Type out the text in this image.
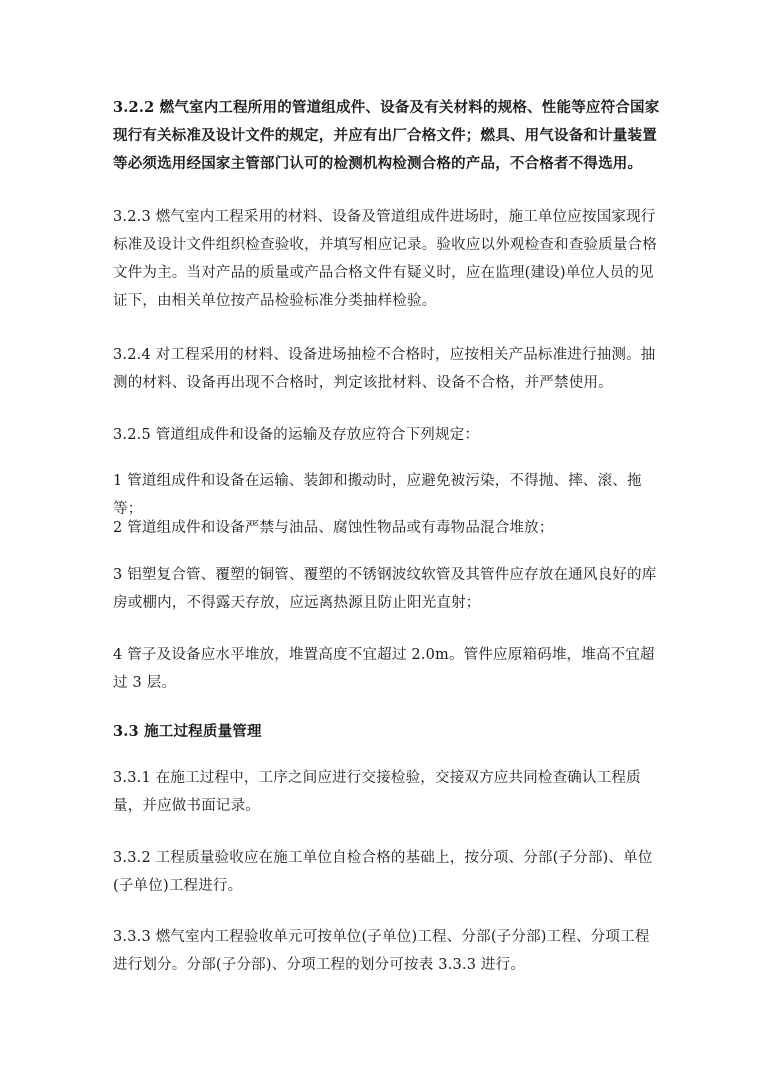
3.2.2 燃气室内工程所用的管道组成件、设备及有关材料的规格、性能等应符合国家现行有关标准及设计文件的规定，并应有出厂合格文件；燃具、用气设备和计量装置等必须选用经国家主管部门认可的检测机构检测合格的产品，不合格者不得选用。

3.2.3 燃气室内工程采用的材料、设备及管道组成件进场时，施工单位应按国家现行标准及设计文件组织检查验收，并填写相应记录。验收应以外观检查和查验质量合格文件为主。当对产品的质量或产品合格文件有疑义时，应在监理(建设)单位人员的见证下，由相关单位按产品检验标准分类抽样检验。

3.2.4 对工程采用的材料、设备进场抽检不合格时，应按相关产品标准进行抽测。抽测的材料、设备再出现不合格时，判定该批材料、设备不合格，并严禁使用。

3.2.5 管道组成件和设备的运输及存放应符合下列规定：

1 管道组成件和设备在运输、装卸和搬动时，应避免被污染，不得抛、摔、滚、拖等；

2 管道组成件和设备严禁与油品、腐蚀性物品或有毒物品混合堆放；

3 铝塑复合管、覆塑的铜管、覆塑的不锈钢波纹软管及其管件应存放在通风良好的库房或棚内，不得露天存放，应远离热源且防止阳光直射；

4 管子及设备应水平堆放，堆置高度不宜超过 2.0m。管件应原箱码堆，堆高不宜超过 3 层。

3.3 施工过程质量管理

3.3.1 在施工过程中，工序之间应进行交接检验，交接双方应共同检查确认工程质量，并应做书面记录。

3.3.2 工程质量验收应在施工单位自检合格的基础上，按分项、分部(子分部)、单位(子单位)工程进行。

3.3.3 燃气室内工程验收单元可按单位(子单位)工程、分部(子分部)工程、分项工程进行划分。分部(子分部)、分项工程的划分可按表 3.3.3 进行。
